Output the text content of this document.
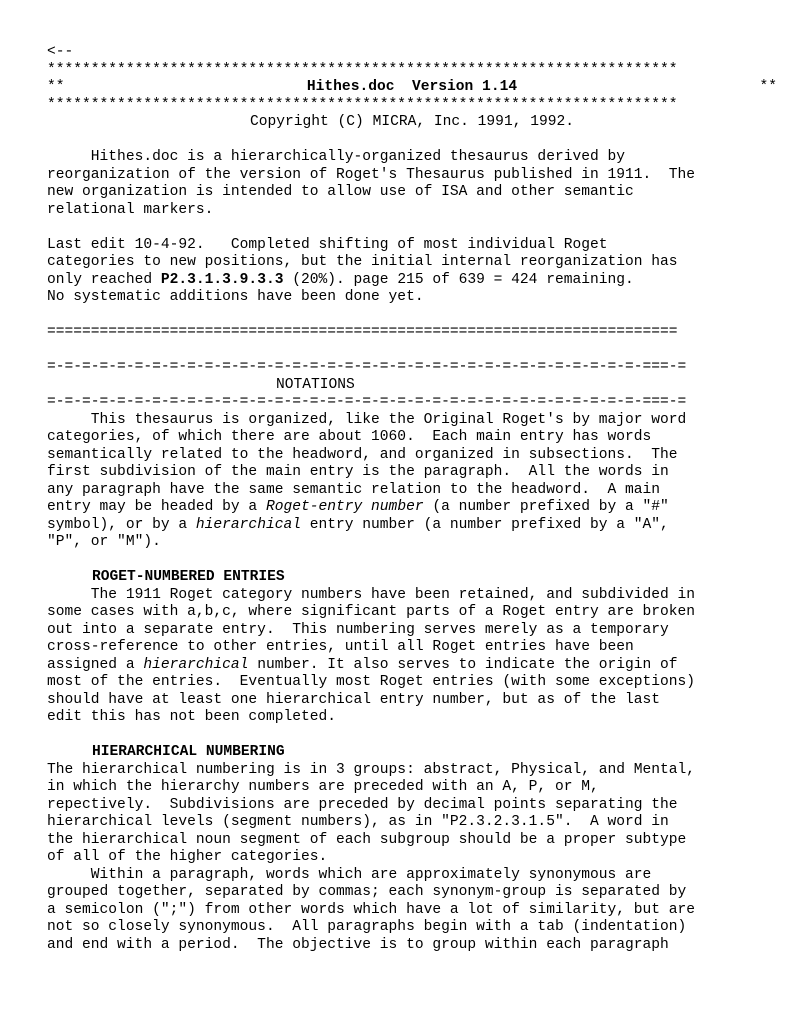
<--
************************************************************************
**	Hithes.doc  Version 1.14	**
************************************************************************
Copyright (C) MICRA, Inc. 1991, 1992.
Hithes.doc is a hierarchically-organized thesaurus derived by
reorganization of the version of Roget's Thesaurus published in 1911.  The
new organization is intended to allow use of ISA and other semantic
relational markers.
Last edit 10-4-92.   Completed shifting of most individual Roget
categories to new positions, but the initial internal reorganization has
only reached P2.3.1.3.9.3.3 (20%). page 215 of 639 = 424 remaining.
No systematic additions have been done yet.
========================================================================
=-=-=-=-=-=-=-=-=-=-=-=-=-=-=-=-=-=-=-=-=-=-=-=-=-=-=-=-=-=-=-=-=-=-===-=
NOTATIONS
=-=-=-=-=-=-=-=-=-=-=-=-=-=-=-=-=-=-=-=-=-=-=-=-=-=-=-=-=-=-=-=-=-=-===-=
This thesaurus is organized, like the Original Roget's by major word
categories, of which there are about 1060.  Each main entry has words
semantically related to the headword, and organized in subsections.  The
first subdivision of the main entry is the paragraph.  All the words in
any paragraph have the same semantic relation to the headword.  A main
entry may be headed by a Roget-entry number (a number prefixed by a "#"
symbol), or by a hierarchical entry number (a number prefixed by a "A",
"P", or "M").
ROGET-NUMBERED ENTRIES
The 1911 Roget category numbers have been retained, and subdivided in
some cases with a,b,c, where significant parts of a Roget entry are broken
out into a separate entry.  This numbering serves merely as a temporary
cross-reference to other entries, until all Roget entries have been
assigned a hierarchical number. It also serves to indicate the origin of
most of the entries.  Eventually most Roget entries (with some exceptions)
should have at least one hierarchical entry number, but as of the last
edit this has not been completed.
HIERARCHICAL NUMBERING
The hierarchical numbering is in 3 groups: abstract, Physical, and Mental,
in which the hierarchy numbers are preceded with an A, P, or M,
repectively.  Subdivisions are preceded by decimal points separating the
hierarchical levels (segment numbers), as in "P2.3.2.3.1.5".  A word in
the hierarchical noun segment of each subgroup should be a proper subtype
of all of the higher categories.
Within a paragraph, words which are approximately synonymous are
grouped together, separated by commas; each synonym-group is separated by
a semicolon (";") from other words which have a lot of similarity, but are
not so closely synonymous.  All paragraphs begin with a tab (indentation)
and end with a period.  The objective is to group within each paragraph
